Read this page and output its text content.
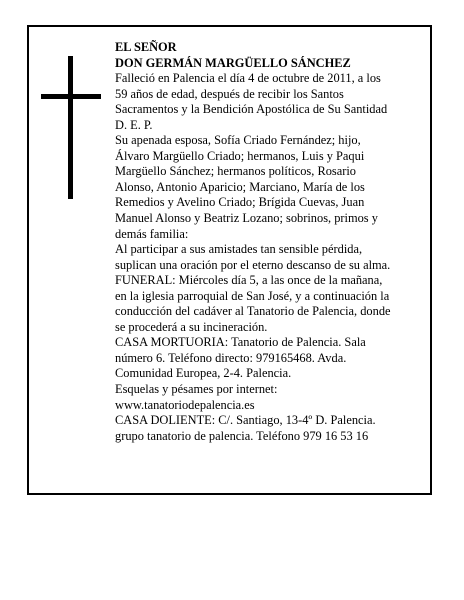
EL SEÑOR
DON GERMÁN MARGÜELLO SÁNCHEZ

Falleció en Palencia el día 4 de octubre de 2011, a los
59 años de edad, después de recibir los Santos
Sacramentos y la Bendición Apostólica de Su Santidad
D. E. P.

Su apenada esposa, Sofía Criado Fernández; hijo,
Álvaro Margüello Criado; hermanos, Luis y Paqui
Margüello Sánchez; hermanos políticos, Rosario
Alonso, Antonio Aparicio; Marciano, María de los
Remedios y Avelino Criado; Brígida Cuevas, Juan
Manuel Alonso y Beatriz Lozano; sobrinos, primos y
demás familia:

Al participar a sus amistades tan sensible pérdida,
suplican una oración por el eterno descanso de su alma.

FUNERAL: Miércoles día 5, a las once de la mañana,
en la iglesia parroquial de San José, y a continuación la
conducción del cadáver al Tanatorio de Palencia, donde
se procederá a su incineración.

CASA MORTUORIA: Tanatorio de Palencia. Sala
número 6. Teléfono directo: 979165468. Avda.
Comunidad Europea, 2-4. Palencia.

Esquelas y pésames por internet:
www.tanatoriodepalencia.es

CASA DOLIENTE: C/. Santiago, 13-4º D. Palencia.

grupo tanatorio de palencia. Teléfono 979 16 53 16
